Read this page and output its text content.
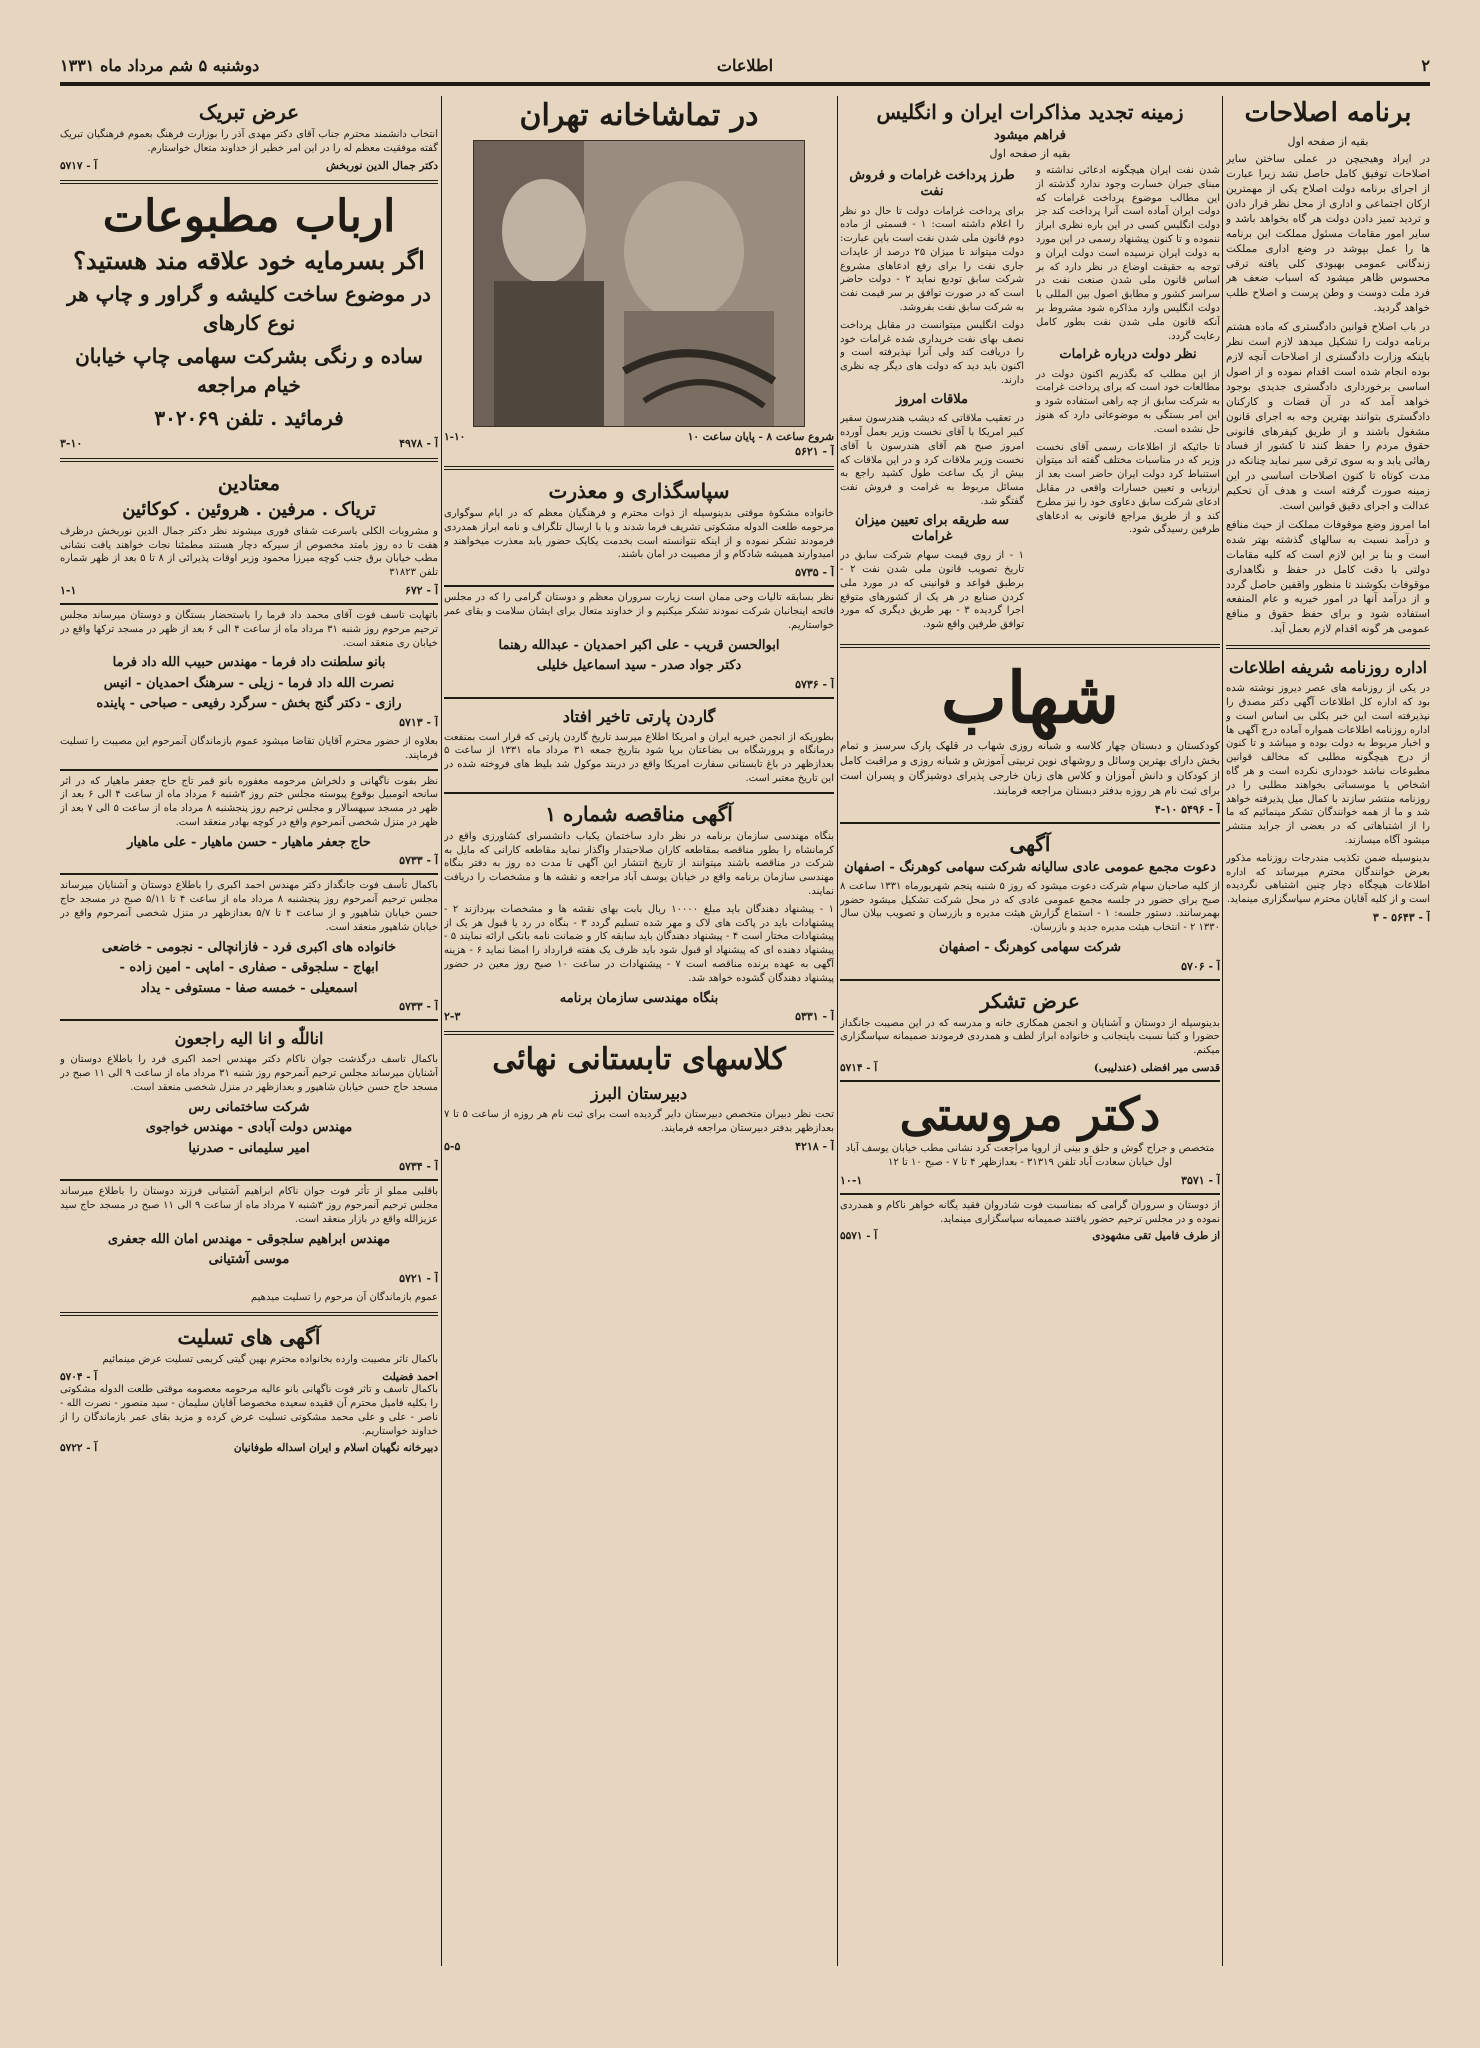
۲
اطلاعات
دوشنبه ۵ شم مرداد ماه ۱۳۳۱
برنامه اصلاحات
بقیه از صفحه اول

در ایراد وهیجیچن در عملی ساختن سایر اصلاحات توفیق کامل حاصل نشد زیرا عبارت از اجرای برنامه دولت اصلاح یکی از مهمترین ارکان اجتماعی و اداری از محل نظر قرار دادن و تردید تمیز دادن دولت هر گاه بخواهد باشد و سایر امور مقامات مسئول مملکت این برنامه ها را عمل بپوشد در وضع اداری مملکت زندگانی عمومی بهبودی کلی یافته ترقی محسوس ظاهر میشود که اسباب ضعف هر فرد ملت دوست و وطن پرست و اصلاح طلب خواهد گردید.

در باب اصلاح قوانین دادگستری که ماده هشتم برنامه دولت را تشکیل میدهد لازم است نظر باینکه وزارت دادگستری از اصلاحات آنچه لازم بوده انجام شده است اقدام نموده و از اصول اساسی برخورداری دادگستری جدیدی بوجود خواهد آمد که در آن قضات و کارکنان دادگستری بتوانند بهترین وجه به اجرای قانون مشغول باشند و از طریق کیفرهای قانونی حقوق مردم را حفظ کنند تا کشور از فساد رهائی یابد و به سوی ترقی سیر نماید چنانکه در مدت کوتاه تا کنون اصلاحات اساسی در این زمینه صورت گرفته است و هدف آن تحکیم عدالت و اجرای دقیق قوانین است.

اما امروز وضع موقوفات مملکت از حیث منافع و درآمد نسبت به سالهای گذشته بهتر شده است و بنا بر این لازم است که کلیه مقامات دولتی با دقت کامل در حفظ و نگاهداری موقوفات بکوشند تا منظور واقفین حاصل گردد و از درآمد آنها در امور خیریه و عام المنفعه استفاده شود و برای حفظ حقوق و منافع عمومی هر گونه اقدام لازم بعمل آید.

اداره روزنامه شریفه اطلاعات

در یکی از روزنامه های عصر دیروز نوشته شده بود که اداره کل اطلاعات آگهی دکتر مصدق را نپذیرفته است این خبر بکلی بی اساس است و اداره روزنامه اطلاعات همواره آماده درج آگهی ها و اخبار مربوط به دولت بوده و میباشد و تا کنون از درج هیچگونه مطلبی که مخالف قوانین مطبوعات نباشد خودداری نکرده است و هر گاه اشخاص یا موسساتی بخواهند مطلبی را در روزنامه منتشر سازند با کمال میل پذیرفته خواهد شد و ما از همه خوانندگان تشکر مینمائیم که ما را از اشتباهاتی که در بعضی از جراید منتشر میشود آگاه میسازند.

بدینوسیله ضمن تکذیب مندرجات روزنامه مذکور بعرض خوانندگان محترم میرساند که اداره اطلاعات هیچگاه دچار چنین اشتباهی نگردیده است و از کلیه آقایان محترم سپاسگزاری مینماید.

آ - ۵۶۴۳ - ۳
زمینه تجدید مذاکرات ایران و انگلیس
فراهم میشود
بقیه از صفحه اول

شدن نفت ایران هیچگونه ادعائی نداشته و مبنای جبران خسارت وجود ندارد گذشته از این مطالب موضوع پرداخت غرامات که دولت ایران آماده است آنرا پرداخت کند جز دولت انگلیس کسی در این باره نظری ابراز ننموده و تا کنون پیشنهاد رسمی در این مورد به دولت ایران نرسیده است دولت ایران و توجه به حقیقت اوضاع در نظر دارد که بر اساس قانون ملی شدن صنعت نفت در سراسر کشور و مطابق اصول بین المللی با دولت انگلیس وارد مذاکره شود مشروط بر آنکه قانون ملی شدن نفت بطور کامل رعایت گردد.

نظر دولت درباره غرامات

از این مطلب که بگذریم اکنون دولت در مطالعات خود است که برای پرداخت غرامت به شرکت سابق از چه راهی استفاده شود و این امر بستگی به موضوعاتی دارد که هنوز حل نشده است.

تا جائیکه از اطلاعات رسمی آقای نخست وزیر که در مناسبات مختلف گفته اند میتوان استنباط کرد دولت ایران حاضر است بعد از ارزیابی و تعیین خسارات واقعی در مقابل ادعای شرکت سابق دعاوی خود را نیز مطرح کند و از طریق مراجع قانونی به ادعاهای طرفین رسیدگی شود.

طرز پرداخت غرامات و فروش نفت

برای پرداخت غرامات دولت تا حال دو نظر را اعلام داشته است: ۱ - قسمتی از ماده دوم قانون ملی شدن نفت است باین عبارت: دولت میتواند تا میزان ۲۵ درصد از عایدات جاری نفت را برای رفع ادعاهای مشروع شرکت سابق تودیع نماید ۲ - دولت حاضر است که در صورت توافق بر سر قیمت نفت به شرکت سابق نفت بفروشد.

دولت انگلیس میتوانست در مقابل پرداخت نصف بهای نفت خریداری شده غرامات خود را دریافت کند ولی آنرا نپذیرفته است و اکنون باید دید که دولت های دیگر چه نظری دارند.

ملاقات امروز

در تعقیب ملاقاتی که دیشب هندرسون سفیر کبیر امریکا با آقای نخست وزیر بعمل آورده امروز صبح هم آقای هندرسون با آقای نخست وزیر ملاقات کرد و در این ملاقات که بیش از یک ساعت طول کشید راجع به مسائل مربوط به غرامت و فروش نفت گفتگو شد.

سه طریقه برای تعیین میزان غرامات

۱ - از روی قیمت سهام شرکت سابق در تاریخ تصویب قانون ملی شدن نفت ۲ - برطبق قواعد و قوانینی که در مورد ملی کردن صنایع در هر یک از کشورهای متوقع اجرا گردیده ۳ - بهر طریق دیگری که مورد توافق طرفین واقع شود.

شهاب

کودکستان و دبستان چهار کلاسه و شبانه روزی شهاب در قلهک پارک سرسبز و تمام بخش دارای بهترین وسائل و روشهای نوین تربیتی آموزش و شبانه روزی و مراقبت کامل از کودکان و دانش آموزان و کلاس های زبان خارجی پذیرای دوشیزگان و پسران است برای ثبت نام هر روزه بدفتر دبستان مراجعه فرمایند.

آ - ۵۴۹۶ ۱۰-۴
آگهی
دعوت مجمع عمومی عادی سالیانه شرکت سهامی کوهرنگ - اصفهان

از کلیه صاحبان سهام شرکت دعوت میشود که روز ۵ شنبه پنجم شهریورماه ۱۳۳۱ ساعت ۸ صبح برای حضور در جلسه مجمع عمومی عادی که در محل شرکت تشکیل میشود حضور بهمرسانند. دستور جلسه: ۱ - استماع گزارش هیئت مدیره و بازرسان و تصویب بیلان سال ۱۳۳۰ ۲ - انتخاب هیئت مدیره جدید و بازرسان.

شرکت سهامی کوهرنگ - اصفهان
آ - ۵۷۰۶
عرض تشکر

بدینوسیله از دوستان و آشنایان و انجمن همکاری خانه و مدرسه که در این مصیبت جانگداز حضورا و کتبا نسبت باینجانب و خانواده ابراز لطف و همدردی فرمودند صمیمانه سپاسگزاری میکنم.

قدسی میر افضلی (عندلیبی)
آ - ۵۷۱۴
دکتر مروستی

متخصص و جراح گوش و حلق و بینی از اروپا مراجعت کرد نشانی مطب خیابان یوسف آباد اول خیابان سعادت آباد تلفن ۳۱۳۱۹ - بعدازظهر ۴ تا ۷ - صبح ۱۰ تا ۱۲

آ - ۳۵۷۱
۱۰-۱

از دوستان و سروران گرامی که بمناسبت فوت شادروان فقید یگانه خواهر ناکام و همدردی نموده و در مجلس ترحیم حضور یافتند صمیمانه سپاسگزاری مینماید.

از طرف فامیل تقی مشهودی
آ - ۵۵۷۱
در تماشاخانه تهران
شروع ساعت ۸ - پایان ساعت ۱۰
۱-۱۰
آ - ۵۶۲۱
سپاسگذاری و معذرت

خانواده مشکوة موقتی بدینوسیله از ذوات محترم و فرهنگیان معظم که در ایام سوگواری مرحومه طلعت الدوله مشکوتی تشریف فرما شدند و یا با ارسال تلگراف و نامه ابراز همدردی فرمودند تشکر نموده و از اینکه نتوانسته است بخدمت یکایک حضور یابد معذرت میخواهند و امیدوارند همیشه شادکام و از مصیبت در امان باشند.

آ - ۵۷۳۵

نظر بسابقه تالیات وحی ممان است زیارت سروران معظم و دوستان گرامی را که در مجلس فاتحه اینجانبان شرکت نمودند تشکر میکنیم و از خداوند متعال برای ایشان سلامت و بقای عمر خواستاریم.

ابوالحسن قریب - علی اکبر احمدیان - عبدالله رهنما
دکتر جواد صدر - سید اسماعیل خلیلی
آ - ۵۷۳۶
گاردن پارتی تاخیر افتاد

بطوریکه از انجمن خیریه ایران و امریکا اطلاع میرسد تاریخ گاردن پارتی که قرار است بمنفعت درمانگاه و پرورشگاه بی بضاعتان برپا شود بتاریخ جمعه ۳۱ مرداد ماه ۱۳۳۱ از ساعت ۵ بعدازظهر در باغ تابستانی سفارت امریکا واقع در دربند موکول شد بلیط های فروخته شده در این تاریخ معتبر است.

آگهی مناقصه شماره ۱

بنگاه مهندسی سازمان برنامه در نظر دارد ساختمان یکباب دانشسرای کشاورزی واقع در کرمانشاه را بطور مناقصه بمقاطعه کاران صلاحیتدار واگذار نماید مقاطعه کارانی که مایل به شرکت در مناقصه باشند میتوانند از تاریخ انتشار این آگهی تا مدت ده روز به دفتر بنگاه مهندسی سازمان برنامه واقع در خیابان یوسف آباد مراجعه و نقشه ها و مشخصات را دریافت نمایند.

۱ - پیشنهاد دهندگان باید مبلغ ۱۰۰۰۰ ریال بابت بهای نقشه ها و مشخصات بپردازند ۲ - پیشنهادات باید در پاکت های لاک و مهر شده تسلیم گردد ۳ - بنگاه در رد یا قبول هر یک از پیشنهادات مختار است ۴ - پیشنهاد دهندگان باید سابقه کار و ضمانت نامه بانکی ارائه نمایند ۵ - پیشنهاد دهنده ای که پیشنهاد او قبول شود باید ظرف یک هفته قرارداد را امضا نماید ۶ - هزینه آگهی به عهده برنده مناقصه است ۷ - پیشنهادات در ساعت ۱۰ صبح روز معین در حضور پیشنهاد دهندگان گشوده خواهد شد.

بنگاه مهندسی سازمان برنامه
آ - ۵۳۳۱
۲-۳
کلاسهای تابستانی نهائی
دبیرستان البرز

تحت نظر دبیران متخصص دبیرستان دایر گردیده است برای ثبت نام هر روزه از ساعت ۵ تا ۷ بعدازظهر بدفتر دبیرستان مراجعه فرمایند.

آ - ۴۲۱۸
۵-۵
عرض تبریک

انتخاب دانشمند محترم جناب آقای دکتر مهدی آذر را بوزارت فرهنگ بعموم فرهنگیان تبریک گفته موفقیت معظم له را در این امر خطیر از خداوند متعال خواستارم.

دکتر جمال الدین نوربخش
آ - ۵۷۱۷
ارباب مطبوعات
اگر بسرمایه خود علاقه مند هستید؟
در موضوع ساخت کلیشه و گراور و چاپ هر نوع کارهای
ساده و رنگی بشرکت سهامی چاپ خیابان خیام مراجعه
فرمائید . تلفن ۳۰۲۰۶۹
آ - ۴۹۷۸
۳-۱۰
معتادین
تریاک . مرفین . هروئین . کوکائین

و مشروبات الکلی باسرعت شفای فوری میشوند نظر دکتر جمال الدین نوربخش درظرف هفت تا ده روز بامتد مخصوص از سیرکه دچار هستند مطمئنا نجات خواهند یافت نشانی مطب خیابان برق جنب کوچه میرزا محمود وزیر اوقات پذیرائی از ۸ تا ۵ بعد از ظهر شماره تلفن ۳۱۸۲۳

آ - ۶۷۲
۱-۱

باتهایت تاسف فوت آقای محمد داد فرما را باستحضار بستگان و دوستان میرساند مجلس ترحیم مرحوم روز شنبه ۳۱ مرداد ماه از ساعت ۴ الی ۶ بعد از ظهر در مسجد ترکها واقع در خیابان ری منعقد است.

بانو سلطنت داد فرما - مهندس حبیب الله داد فرما
نصرت الله داد فرما - زیلی - سرهنگ احمدیان - انیس
رازی - دکتر گنج بخش - سرگرد رفیعی - صباحی - پاینده
آ - ۵۷۱۳

بعلاوه از حضور محترم آقایان تقاضا میشود عموم بازماندگان آنمرحوم این مصیبت را تسلیت فرمایند.

نظر بفوت ناگهانی و دلخراش مرحومه مغفوره بانو قمر تاج حاج جعفر ماهیار که در اثر سانحه اتومبیل بوقوع پیوسته مجلس ختم روز ۳شنبه ۶ مرداد ماه از ساعت ۴ الی ۶ بعد از ظهر در مسجد سپهسالار و مجلس ترحیم روز پنجشنبه ۸ مرداد ماه از ساعت ۵ الی ۷ بعد از ظهر در منزل شخصی آنمرحوم واقع در کوچه بهادر منعقد است.

حاج جعفر ماهیار - حسن ماهیار - علی ماهیار
آ - ۵۷۳۳

باکمال تأسف فوت جانگداز دکتر مهندس احمد اکبری را باطلاع دوستان و آشنایان میرساند مجلس ترحیم آنمرحوم روز پنجشنبه ۸ مرداد ماه از ساعت ۴ تا ۵/۱۱ صبح در مسجد حاج حسن خیابان شاهپور و از ساعت ۴ تا ۵/۷ بعدازظهر در منزل شخصی آنمرحوم واقع در خیابان شاهپور منعقد است.

خانواده های اکبری فرد - فازانچالی - نجومی - خاضعی
ابهاج - سلجوقی - صفاری - اماپی - امین زاده -
اسمعیلی - خمسه صفا - مستوفی - یداد
آ - ۵۷۳۳
اناللّٰه و انا الیه راجعون

باکمال تاسف درگذشت جوان ناکام دکتر مهندس احمد اکبری فرد را باطلاع دوستان و آشنایان میرساند مجلس ترحیم آنمرحوم روز شنبه ۳۱ مرداد ماه از ساعت ۹ الی ۱۱ صبح در مسجد حاج حسن خیابان شاهپور و بعدازظهر در منزل شخصی منعقد است.

شرکت ساختمانی رس
مهندس دولت آبادی - مهندس خواجوی
امیر سلیمانی - صدرنیا
آ - ۵۷۳۴

باقلبی مملو از تأثر فوت جوان ناکام ابراهیم آشتیانی فرزند دوستان را باطلاع میرساند مجلس ترحیم آنمرحوم روز ۳شنبه ۷ مرداد ماه از ساعت ۹ الی ۱۱ صبح در مسجد حاج سید عزیزالله واقع در بازار منعقد است.

مهندس ابراهیم سلجوقی - مهندس امان الله جعفری
موسی آشتیانی
آ - ۵۷۲۱

عموم بازماندگان آن مرحوم را تسلیت میدهیم

آگهی های تسلیت

باکمال تاثر مصیبت وارده بخانواده محترم بهین گیتی کریمی تسلیت عرض مینمائیم

احمد فضیلت
آ - ۵۷۰۴

باکمال تاسف و تاثر فوت ناگهانی بانو عالیه مرحومه معصومه موقتی طلعت الدوله مشکوتی را بکلیه فامیل محترم آن فقیده سعیده مخصوصا آقایان سلیمان - سید منصور - نصرت الله - ناصر - علی و علی محمد مشکوتی تسلیت عرض کرده و مزید بقای عمر بازماندگان را از خداوند خواستاریم.

دبیرخانه نگهبان اسلام و ایران اسداله طوفانیان
آ - ۵۷۲۲
